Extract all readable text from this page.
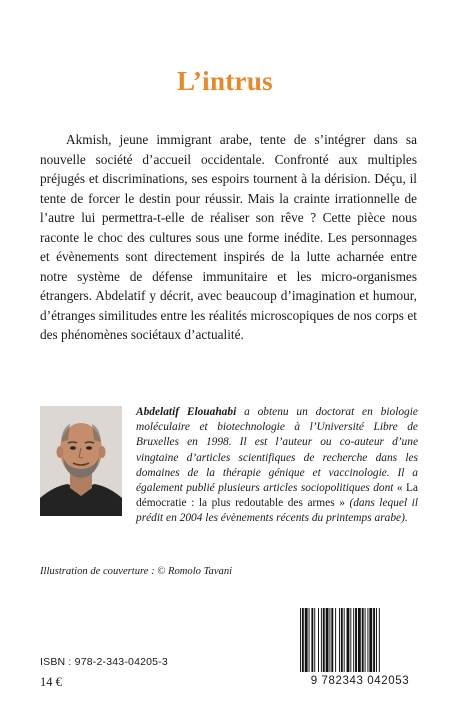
L’intrus

Akmish, jeune immigrant arabe, tente de s’intégrer dans sa nouvelle société d’accueil occidentale. Confronté aux multiples préjugés et discriminations, ses espoirs tournent à la dérision. Déçu, il tente de forcer le destin pour réussir. Mais la crainte irrationnelle de l’autre lui permettra-t-elle de réaliser son rêve ? Cette pièce nous raconte le choc des cultures sous une forme inédite. Les personnages et évènements sont directement inspirés de la lutte acharnée entre notre système de défense immunitaire et les micro-organismes étrangers. Abdelatif y décrit, avec beaucoup d’imagination et humour, d’étranges similitudes entre les réalités microscopiques de nos corps et des phénomènes sociétaux d’actualité.

Abdelatif Elouahabi a obtenu un doctorat en biologie moléculaire et biotechnologie à l’Université Libre de Bruxelles en 1998. Il est l’auteur ou co-auteur d’une vingtaine d’articles scientifiques de recherche dans les domaines de la thérapie génique et vaccinologie. Il a également publié plusieurs articles sociopolitiques dont « La démocratie : la plus redoutable des armes » (dans lequel il prédit en 2004 les évènements récents du printemps arabe).

Illustration de couverture : © Romolo Tavani
ISBN : 978-2-343-04205-3
14 €	9 782343 042053
